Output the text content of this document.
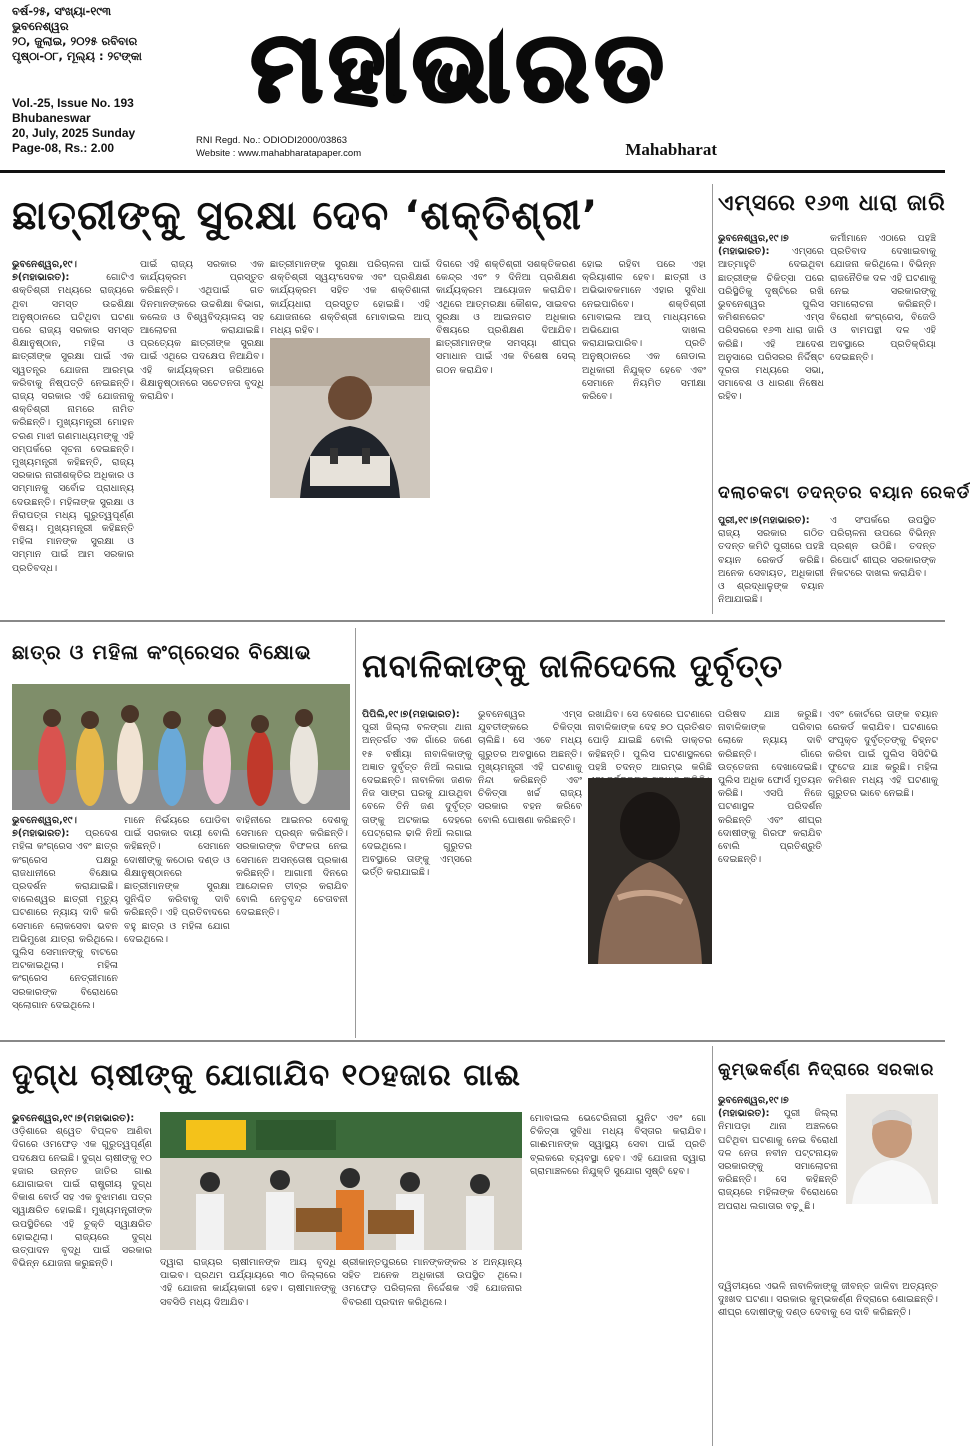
ବର୍ଷ-୨୫, ସଂଖ୍ୟା-୧୯୩
ଭୁବନେଶ୍ୱର
୨୦, ଜୁଲାଇ, ୨୦୨୫ ରବିବାର
ପୃଷ୍ଠା-୦୮, ମୂଲ୍ୟ : ୨ଟଙ୍କା
Vol.-25, Issue No. 193
Bhubaneswar
20, July, 2025 Sunday
Page-08, Rs.: 2.00
ମହାଭାରତ
RNI Regd. No.: ODIODI2000/03863
Website : www.mahabharatapaper.com	Mahabharat
ଛାତ୍ରୀଙ୍କୁ ସୁରକ୍ଷା ଦେବ ‘ଶକ୍ତିଶ୍ରୀ’
ଭୁବନେଶ୍ୱର,୧୯।୭(ମହାଭାରତ):	ଗୋଟିଏ ଶକ୍ତିଶ୍ରୀ ମଧ୍ୟରେ ରାଜ୍ୟରେ ଥିବା ସମସ୍ତ ଉଚ୍ଚଶିକ୍ଷା ଅନୁଷ୍ଠାନରେ ଘଟିଥିବା ଘଟଣା ପରେ ରାଜ୍ୟ ସରକାର ସମସ୍ତ ଶିକ୍ଷାନୁଷ୍ଠାନ, ମହିଳା ଓ ଛାତ୍ରୀଙ୍କ ସୁରକ୍ଷା ପାଇଁ ଏକ ସ୍ୱତନ୍ତ୍ର ଯୋଜନା ଆରମ୍ଭ କରିବାକୁ ନିଷ୍ପତ୍ତି ନେଇଛନ୍ତି। ରାଜ୍ୟ ସରକାର ଏହି ଯୋଜନାକୁ ଶକ୍ତିଶ୍ରୀ ନାମରେ ନାମିତ କରିଛନ୍ତି। ମୁଖ୍ୟମନ୍ତ୍ରୀ ମୋହନ ଚରଣ ମାଝୀ ଗଣମାଧ୍ୟମଙ୍କୁ ଏହି ସମ୍ପର୍କରେ ସୂଚନା ଦେଇଛନ୍ତି। ମୁଖ୍ୟମନ୍ତ୍ରୀ କହିଛନ୍ତି, ରାଜ୍ୟ ସରକାର ନାରୀଶକ୍ତିର ଅଧିକାର ଓ ସମ୍ମାନକୁ ସର୍ବୋଚ୍ଚ ପ୍ରାଧାନ୍ୟ ଦେଉଛନ୍ତି। ମହିଳାଙ୍କ ସୁରକ୍ଷା ଓ ନିରାପତ୍ତା ମଧ୍ୟ ଗୁରୁତ୍ୱପୂର୍ଣ୍ଣ ବିଷୟ। ମୁଖ୍ୟମନ୍ତ୍ରୀ କହିଛନ୍ତି ମହିଳା ମାନଙ୍କ ସୁରକ୍ଷା ଓ ସମ୍ମାନ ପାଇଁ ଆମ ସରକାର ପ୍ରତିବଦ୍ଧ।
ପାଇଁ ରାଜ୍ୟ ସରକାର ଏକ କାର୍ଯ୍ୟକ୍ରମ ପ୍ରସ୍ତୁତ କରିଛନ୍ତି। ଏଥିପାଇଁ ଗତ ଦିନମାନଙ୍କରେ ଉଚ୍ଚଶିକ୍ଷା ବିଭାଗ, କଲେଜ ଓ ବିଶ୍ୱବିଦ୍ୟାଳୟ ସହ ଆଲୋଚନା କରାଯାଇଛି। ପ୍ରତ୍ୟେକ ଛାତ୍ରୀଙ୍କ ସୁରକ୍ଷା ପାଇଁ ଏଥିରେ ପଦକ୍ଷେପ ନିଆଯିବ। ଏହି କାର୍ଯ୍ୟକ୍ରମ ଜରିଆରେ ଶିକ୍ଷାନୁଷ୍ଠାନରେ ସଚେତନତା ବୃଦ୍ଧି କରାଯିବ।
ଛାତ୍ରୀମାନଙ୍କ ସୁରକ୍ଷା ପରିଚାଳନା ପାଇଁ ଶକ୍ତିଶ୍ରୀ ସ୍ୱୟଂସେବକ ଏବଂ ପ୍ରଶିକ୍ଷଣ କାର୍ଯ୍ୟକ୍ରମ ସହିତ ଏକ ଶକ୍ତିଶାଳୀ କାର୍ଯ୍ୟଧାରା ପ୍ରସ୍ତୁତ ହୋଇଛି। ଏହି ଯୋଜନାରେ ଶକ୍ତିଶ୍ରୀ ମୋବାଇଲ ଆପ୍ ମଧ୍ୟ ରହିବ।
ଦିଗରେ ଏହି ଶକ୍ତିଶ୍ରୀ ସଶକ୍ତିକରଣ କେନ୍ଦ୍ର ଏବଂ ୨ ଦିନିଆ ପ୍ରଶିକ୍ଷଣ କାର୍ଯ୍ୟକ୍ରମ ଆୟୋଜନ କରାଯିବ। ଏଥିରେ ଆତ୍ମରକ୍ଷା କୌଶଳ, ସାଇବର ସୁରକ୍ଷା ଓ ଆଇନଗତ ଅଧିକାର ବିଷୟରେ ପ୍ରଶିକ୍ଷଣ ଦିଆଯିବ। ଛାତ୍ରୀମାନଙ୍କ ସମସ୍ୟା ଶୀଘ୍ର ସମାଧାନ ପାଇଁ ଏକ ବିଶେଷ ସେଲ୍ ଗଠନ କରାଯିବ।
ହୋଇ ରହିବା ପରେ ଏହା କ୍ରିୟାଶୀଳ ହେବ। ଛାତ୍ରୀ ଓ ଅଭିଭାବକମାନେ ଏହାର ସୁବିଧା ନେଇପାରିବେ। ଶକ୍ତିଶ୍ରୀ ମୋବାଇଲ ଆପ୍ ମାଧ୍ୟମରେ ଅଭିଯୋଗ ଦାଖଲ କରାଯାଇପାରିବ। ପ୍ରତି ଅନୁଷ୍ଠାନରେ ଏକ ନୋଡାଲ ଅଧିକାରୀ ନିଯୁକ୍ତ ହେବେ ଏବଂ ସେମାନେ ନିୟମିତ ସମୀକ୍ଷା କରିବେ।
ଏମ୍ସରେ ୧୬୩ ଧାରା ଜାରି
ଭୁବନେଶ୍ୱର,୧୯।୭ (ମହାଭାରତ): ଏମ୍ସରେ ଆତ୍ମାହୁତି ଦେଇଥିବା ଛାତ୍ରୀଙ୍କ ଚିକିତ୍ସା ପରେ ପରିସ୍ଥିତିକୁ ଦୃଷ୍ଟିରେ ରଖି ଭୁବନେଶ୍ୱର ପୁଲିସ କମିଶନରେଟ ଏମ୍ସ ପରିସରରେ ୧୬୩ ଧାରା ଜାରି କରିଛି। ଏହି ଆଦେଶ ଅନୁସାରେ ପରିସରର ନିର୍ଦ୍ଦିଷ୍ଟ ଦୂରତା ମଧ୍ୟରେ ସଭା, ସମାବେଶ ଓ ଧାରଣା ନିଷେଧ ରହିବ।
କର୍ମୀମାନେ ଏଠାରେ ପହଞ୍ଚି ପ୍ରତିବାଦ ଦେଖାଇବାକୁ ଯୋଜନା କରିଥିଲେ। ବିଭିନ୍ନ ରାଜନୈତିକ ଦଳ ଏହି ଘଟଣାକୁ ନେଇ ସରକାରଙ୍କୁ ସମାଲୋଚନା କରିଛନ୍ତି। ବିରୋଧୀ କଂଗ୍ରେସ, ବିଜେଡି ଓ ବାମପନ୍ଥୀ ଦଳ ଏହି ଅବସ୍ଥାରେ ପ୍ରତିକ୍ରିୟା ଦେଇଛନ୍ତି।
ଦଲାଚକଟା ତଦନ୍ତର ବୟାନ ରେକର୍ଡ
ପୁରୀ,୧୯।୭(ମହାଭାରତ): ରାଜ୍ୟ ସରକାର ଗଠିତ ତଦନ୍ତ କମିଟି ପୁରୀରେ ପହଞ୍ଚି ବୟାନ ରେକର୍ଡ କରିଛି। ଅନେକ ସେବାୟତ, ଅଧିକାରୀ ଓ ଶ୍ରଦ୍ଧାଳୁଙ୍କ ବୟାନ ନିଆଯାଇଛି।
ଏ ସଂପର୍କରେ ଉପସ୍ଥିତ ପରିଚାଳନା ଉପରେ ବିଭିନ୍ନ ପ୍ରଶ୍ନ ଉଠିଛି। ତଦନ୍ତ ରିପୋର୍ଟ ଶୀଘ୍ର ସରକାରଙ୍କ ନିକଟରେ ଦାଖଲ କରାଯିବ।
ଛାତ୍ର ଓ ମହିଳା କଂଗ୍ରେସର ବିକ୍ଷୋଭ
ଭୁବନେଶ୍ୱର,୧୯।୭(ମହାଭାରତ): ପ୍ରଦେଶ ମହିଳା କଂଗ୍ରେସ ଏବଂ ଛାତ୍ର କଂଗ୍ରେସ ପକ୍ଷରୁ ରାଜଧାନୀରେ ବିକ୍ଷୋଭ ପ୍ରଦର୍ଶନ କରାଯାଇଛି। ବାଲେଶ୍ୱର ଛାତ୍ରୀ ମୃତ୍ୟୁ ଘଟଣାରେ ନ୍ୟାୟ ଦାବି କରି ସେମାନେ ଲୋକସେବା ଭବନ ଅଭିମୁଖେ ଯାତ୍ରା କରିଥିଲେ। ପୁଲିସ ସେମାନଙ୍କୁ ବାଟରେ ଅଟକାଇଥିଲା। ମହିଳା କଂଗ୍ରେସ ନେତ୍ରୀମାନେ ସରକାରଙ୍କ ବିରୋଧରେ ସ୍ଲୋଗାନ ଦେଇଥିଲେ।
ମାନେ ନିର୍ଭୟରେ ପୋଡିବା ପାଇଁ ସରକାର ଦାୟୀ ବୋଲି କହିଛନ୍ତି। ସେମାନେ ଦୋଷୀଙ୍କୁ କଠୋର ଦଣ୍ଡ ଓ ଶିକ୍ଷାନୁଷ୍ଠାନରେ ଛାତ୍ରୀମାନଙ୍କ ସୁରକ୍ଷା ସୁନିଶ୍ଚିତ କରିବାକୁ ଦାବି କରିଛନ୍ତି। ଏହି ପ୍ରତିବାଦରେ ବହୁ ଛାତ୍ର ଓ ମହିଳା ଯୋଗ ଦେଇଥିଲେ।
ବାହିନୀରେ ଆଇନର ଦେଶକୁ ସେମାନେ ପ୍ରଶ୍ନ କରିଛନ୍ତି। ସରକାରଙ୍କ ବିଫଳତା ନେଇ ସେମାନେ ଅସନ୍ତୋଷ ପ୍ରକାଶ କରିଛନ୍ତି। ଆଗାମୀ ଦିନରେ ଆନ୍ଦୋଳନ ତୀବ୍ର କରାଯିବ ବୋଲି ନେତୃବୃନ୍ଦ ଚେତାବନୀ ଦେଇଛନ୍ତି।
ନାବାଳିକାଙ୍କୁ ଜାଳିଦେଲେ ଦୁର୍ବୃତ୍ତ
ପିପିଲି,୧୯।୭(ମହାଭାରତ): ପୁରୀ ଜିଲ୍ଲା ବଳଙ୍ଗା ଥାନା ଅନ୍ତର୍ଗତ ଏକ ଗାଁରେ ଜଣେ ୧୫ ବର୍ଷୀୟା ନାବାଳିକାଙ୍କୁ ଅଜ୍ଞାତ ଦୁର୍ବୃତ୍ତ ନିଆଁ ଲଗାଇ ଦେଇଛନ୍ତି। ନାବାଳିକା ଜଣକ ନିଜ ସାଙ୍ଗ ଘରକୁ ଯାଉଥିବା ବେଳେ ତିନି ଜଣ ଦୁର୍ବୃତ୍ତ ତାଙ୍କୁ ଅଟକାଇ ଦେହରେ ପେଟ୍ରୋଲ ଢାଳି ନିଆଁ ଲଗାଇ ଦେଇଥିଲେ। ଗୁରୁତର ଅବସ୍ଥାରେ ତାଙ୍କୁ ଏମ୍ସରେ ଭର୍ତ୍ତି କରାଯାଇଛି।
ଭୁବନେଶ୍ୱର ଏମ୍ସ ଯୁବତୀଙ୍କରେ ଚିକିତ୍ସା ଚାଲିଛି। ସେ ଏବେ ମଧ୍ୟ ଗୁରୁତର ଅବସ୍ଥାରେ ଅଛନ୍ତି। ମୁଖ୍ୟମନ୍ତ୍ରୀ ଏହି ଘଟଣାକୁ ନିନ୍ଦା କରିଛନ୍ତି ଏବଂ ଚିକିତ୍ସା ଖର୍ଚ୍ଚ ରାଜ୍ୟ ସରକାର ବହନ କରିବେ ବୋଲି ଘୋଷଣା କରିଛନ୍ତି।
ରଖାଯିବ। ସେ ଦେଶରେ ଘଟଣାରେ ନାବାଳିକାଙ୍କ ଦେହ ୭୦ ପ୍ରତିଶତ ପୋଡ଼ି ଯାଇଛି ବୋଲି ଡାକ୍ତର କହିଛନ୍ତି। ପୁଲିସ ଘଟଣାସ୍ଥଳରେ ପହଞ୍ଚି ତଦନ୍ତ ଆରମ୍ଭ କରିଛି
ପରିଷଦ ଯାଞ୍ଚ କରୁଛି। ନାବାଳିକାଙ୍କ ପରିବାର ଲୋକେ ନ୍ୟାୟ ଦାବି କରିଛନ୍ତି। ଗାଁରେ ଉତ୍ତେଜନା ଦେଖାଦେଇଛି। ପୁଲିସ ଅଧିକ ଫୋର୍ସ ମୁତୟନ କରିଛି। ଏସପି ନିଜେ ଘଟଣାସ୍ଥଳ ପରିଦର୍ଶନ କରିଛନ୍ତି ଏବଂ ଶୀଘ୍ର ଦୋଷୀଙ୍କୁ ଗିରଫ କରାଯିବ ବୋଲି ପ୍ରତିଶ୍ରୁତି ଦେଇଛନ୍ତି।
ଏବଂ କୋର୍ଟରେ ତାଙ୍କ ବୟାନ ରେକର୍ଡ କରାଯିବ। ଘଟଣାରେ ସଂପୃକ୍ତ ଦୁର୍ବୃତ୍ତଙ୍କୁ ଚିହ୍ନଟ କରିବା ପାଇଁ ପୁଲିସ ସିସିଟିଭି ଫୁଟେଜ ଯାଞ୍ଚ କରୁଛି। ମହିଳା କମିଶନ ମଧ୍ୟ ଏହି ଘଟଣାକୁ ଗୁରୁତର ଭାବେ ନେଇଛି।
ଦୁଗ୍ଧ ଚାଷୀଙ୍କୁ ଯୋଗାଯିବ ୧୦ହଜାର ଗାଈ
ଭୁବନେଶ୍ୱର,୧୯।୭(ମହାଭାରତ): ଓଡ଼ିଶାରେ ଶ୍ୱେତ ବିପ୍ଳବ ଆଣିବା ଦିଗରେ ଓମଫେଡ଼ ଏକ ଗୁରୁତ୍ୱପୂର୍ଣ୍ଣ ପଦକ୍ଷେପ ନେଇଛି। ଦୁଗ୍ଧ ଚାଷୀଙ୍କୁ ୧୦ ହଜାର ଉନ୍ନତ ଜାତିର ଗାଈ ଯୋଗାଇବା ପାଇଁ ରାଷ୍ଟ୍ରୀୟ ଦୁଗ୍ଧ ବିକାଶ ବୋର୍ଡ ସହ ଏକ ବୁଝାମଣା ପତ୍ର ସ୍ୱାକ୍ଷରିତ ହୋଇଛି। ମୁଖ୍ୟମନ୍ତ୍ରୀଙ୍କ ଉପସ୍ଥିତିରେ ଏହି ଚୁକ୍ତି ସ୍ୱାକ୍ଷରିତ ହୋଇଥିଲା। ରାଜ୍ୟରେ ଦୁଗ୍ଧ ଉତ୍ପାଦନ ବୃଦ୍ଧି ପାଇଁ ସରକାର ବିଭିନ୍ନ ଯୋଜନା କରୁଛନ୍ତି।	ଦ୍ୱାରା ରାଜ୍ୟର ଚାଷୀମାନଙ୍କ ଆୟ ବୃଦ୍ଧି ପାଇବ। ପ୍ରଥମ ପର୍ଯ୍ୟାୟରେ ୩୦ ଜିଲ୍ଲାରେ ଏହି ଯୋଜନା କାର୍ଯ୍ୟକାରୀ ହେବ। ଚାଷୀମାନଙ୍କୁ ସବସିଡି ମଧ୍ୟ ଦିଆଯିବ।
ଶ୍ରୀକାନ୍ତପୁରରେ ମାନଙ୍କଙ୍କର ୪ ଅନ୍ୟାନ୍ୟ ସହିତ ଅନେକ ଅଧିକାରୀ ଉପସ୍ଥିତ ଥିଲେ। ଓମଫେଡ଼ ପରିଚାଳନା ନିର୍ଦ୍ଦେଶକ ଏହି ଯୋଜନାର ବିବରଣୀ ପ୍ରଦାନ କରିଥିଲେ।
ମୋବାଇଲ ଭେଟେରିନାରୀ ୟୁନିଟ ଏବଂ ଗୋ ଚିକିତ୍ସା ସୁବିଧା ମଧ୍ୟ ବିସ୍ତାର କରାଯିବ। ଗାଈମାନଙ୍କ ସ୍ୱାସ୍ଥ୍ୟ ସେବା ପାଇଁ ପ୍ରତି ବ୍ଲକରେ ବ୍ୟବସ୍ଥା ହେବ। ଏହି ଯୋଜନା ଦ୍ୱାରା ଗ୍ରାମାଞ୍ଚଳରେ ନିଯୁକ୍ତି ସୁଯୋଗ ସୃଷ୍ଟି ହେବ।
କୁମ୍ଭକର୍ଣ୍ଣ ନିଦ୍ରାରେ ସରକାର
ଭୁବନେଶ୍ୱର,୧୯।୭ (ମହାଭାରତ): ପୁରୀ ଜିଲ୍ଲା ନିମାପଡ଼ା ଥାନା ଅଞ୍ଚଳରେ ଘଟିଥିବା ଘଟଣାକୁ ନେଇ ବିରୋଧୀ ଦଳ ନେତା ନବୀନ ପଟ୍ଟନାୟକ ସରକାରଙ୍କୁ ସମାଲୋଚନା କରିଛନ୍ତି। ସେ କହିଛନ୍ତି ରାଜ୍ୟରେ ମହିଳାଙ୍କ ବିରୋଧରେ ଅପରାଧ ଲଗାତାର ବଢ଼ୁଛି।
ଦ୍ୱିତୀୟରେ ଏଭଳି ନାବାଳିକାଙ୍କୁ ଜୀବନ୍ତ ଜାଳିବା ଅତ୍ୟନ୍ତ ଦୁଃଖଦ ଘଟଣା। ସରକାର କୁମ୍ଭକର୍ଣ୍ଣ ନିଦ୍ରାରେ ଶୋଇଛନ୍ତି। ଶୀଘ୍ର ଦୋଷୀଙ୍କୁ ଦଣ୍ଡ ଦେବାକୁ ସେ ଦାବି କରିଛନ୍ତି।
